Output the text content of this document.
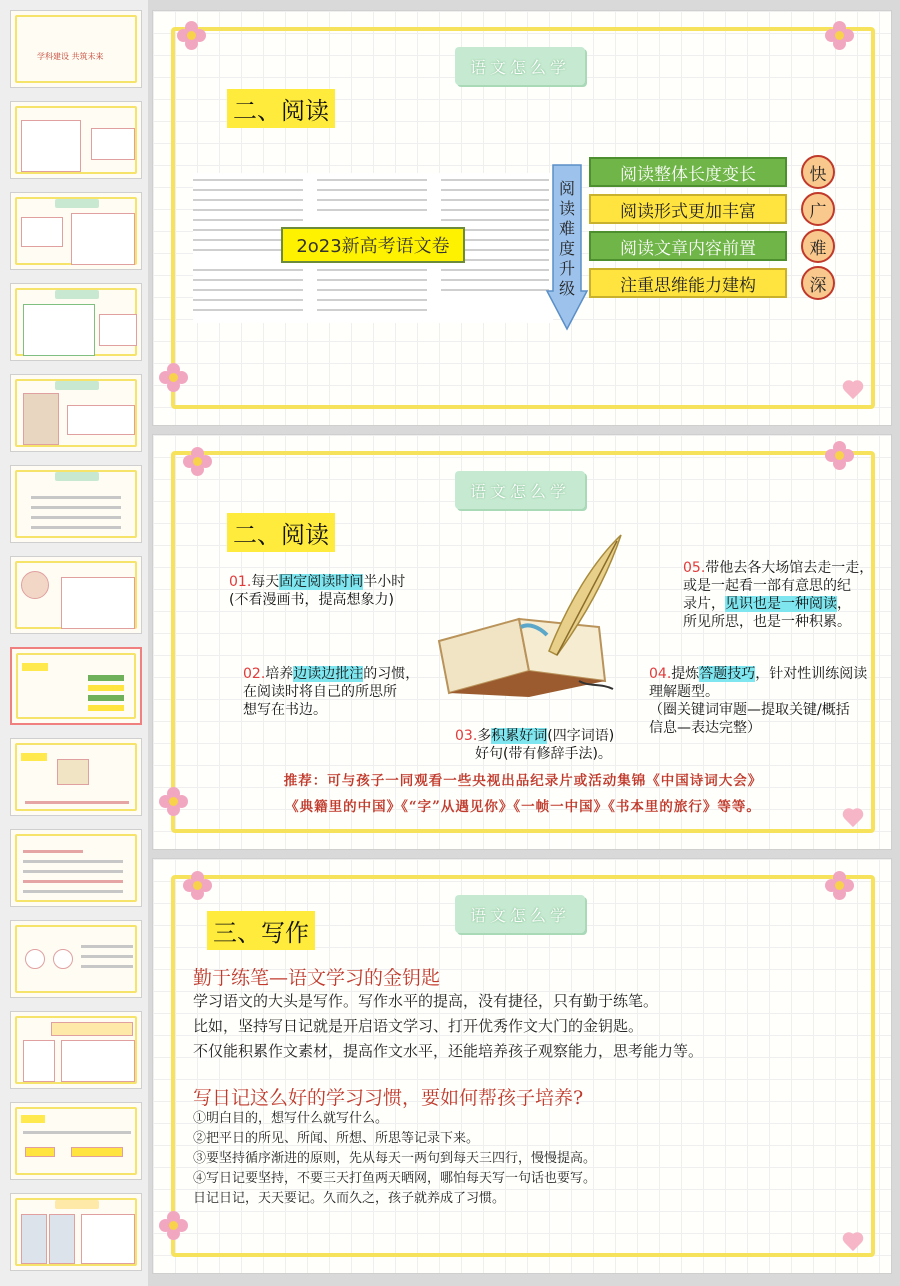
学科建设 共筑未来
语文怎么学
二、阅读
2o23新高考语文卷
阅读难度升级
阅读整体长度变长
阅读形式更加丰富
阅读文章内容前置
注重思维能力建构
快
广
难
深
语文怎么学
二、阅读
01.每天固定阅读时间半小时
(不看漫画书，提高想象力)
02.培养边读边批注的习惯，
在阅读时将自己的所思所
想写在书边。
03.多积累好词(四字词语)
好句(带有修辞手法)。
04.提炼答题技巧，针对性训练阅读
理解题型。
（圈关键词审题—提取关键/概括
信息—表达完整）
05.带他去各大场馆去走一走，
或是一起看一部有意思的纪
录片，见识也是一种阅读，
所见所思，也是一种积累。
推荐：可与孩子一同观看一些央视出品纪录片或活动集锦《中国诗词大会》
《典籍里的中国》《“字”从遇见你》《一帧一中国》《书本里的旅行》等等。
语文怎么学
三、写作
勤于练笔—语文学习的金钥匙
学习语文的大头是写作。写作水平的提高，没有捷径，只有勤于练笔。
比如，坚持写日记就是开启语文学习、打开优秀作文大门的金钥匙。
不仅能积累作文素材，提高作文水平，还能培养孩子观察能力，思考能力等。
写日记这么好的学习习惯，要如何帮孩子培养?
①明白目的，想写什么就写什么。
②把平日的所见、所闻、所想、所思等记录下来。
③要坚持循序渐进的原则，先从每天一两句到每天三四行，慢慢提高。
④写日记要坚持，不要三天打鱼两天晒网，哪怕每天写一句话也要写。
日记日记，天天要记。久而久之，孩子就养成了习惯。
